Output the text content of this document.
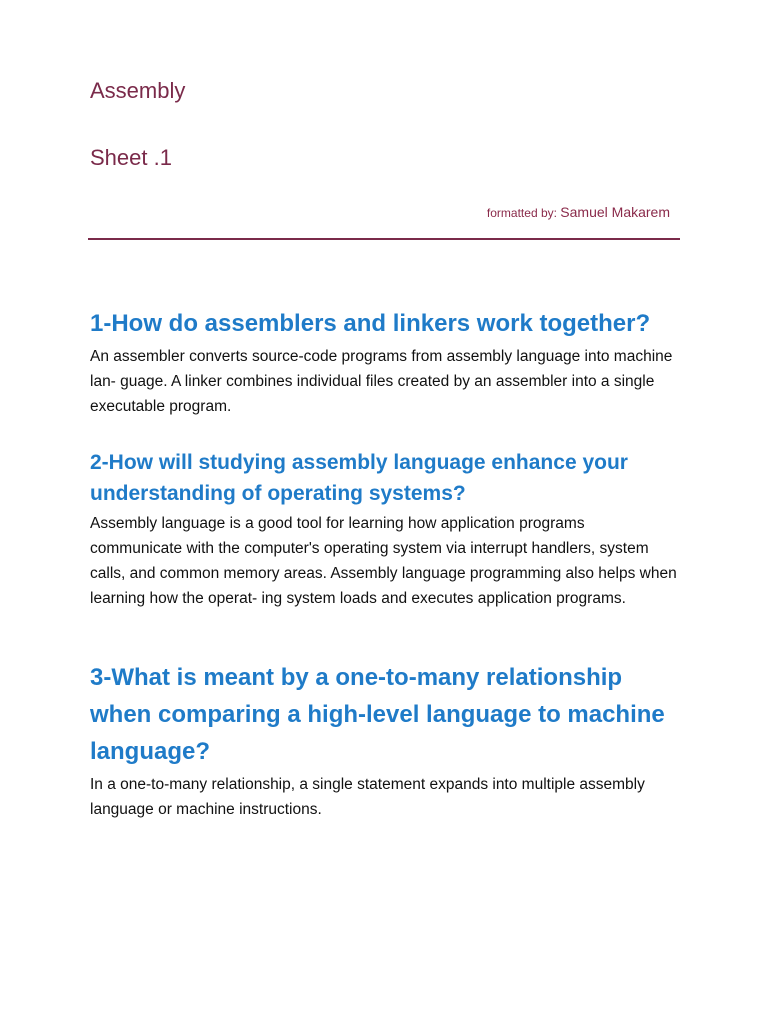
Assembly
Sheet .1
formatted by: Samuel Makarem
1-How do assemblers and linkers work together?

An assembler converts source-code programs from assembly language into machine lan- guage. A linker combines individual files created by an assembler into a single executable program.

2-How will studying assembly language enhance your understanding of operating systems?

Assembly language is a good tool for learning how application programs communicate with the computer's operating system via interrupt handlers, system calls, and common memory areas. Assembly language programming also helps when learning how the operat- ing system loads and executes application programs.

3-What is meant by a one-to-many relationship when comparing a high-level language to machine language?

In a one-to-many relationship, a single statement expands into multiple assembly language or machine instructions.
